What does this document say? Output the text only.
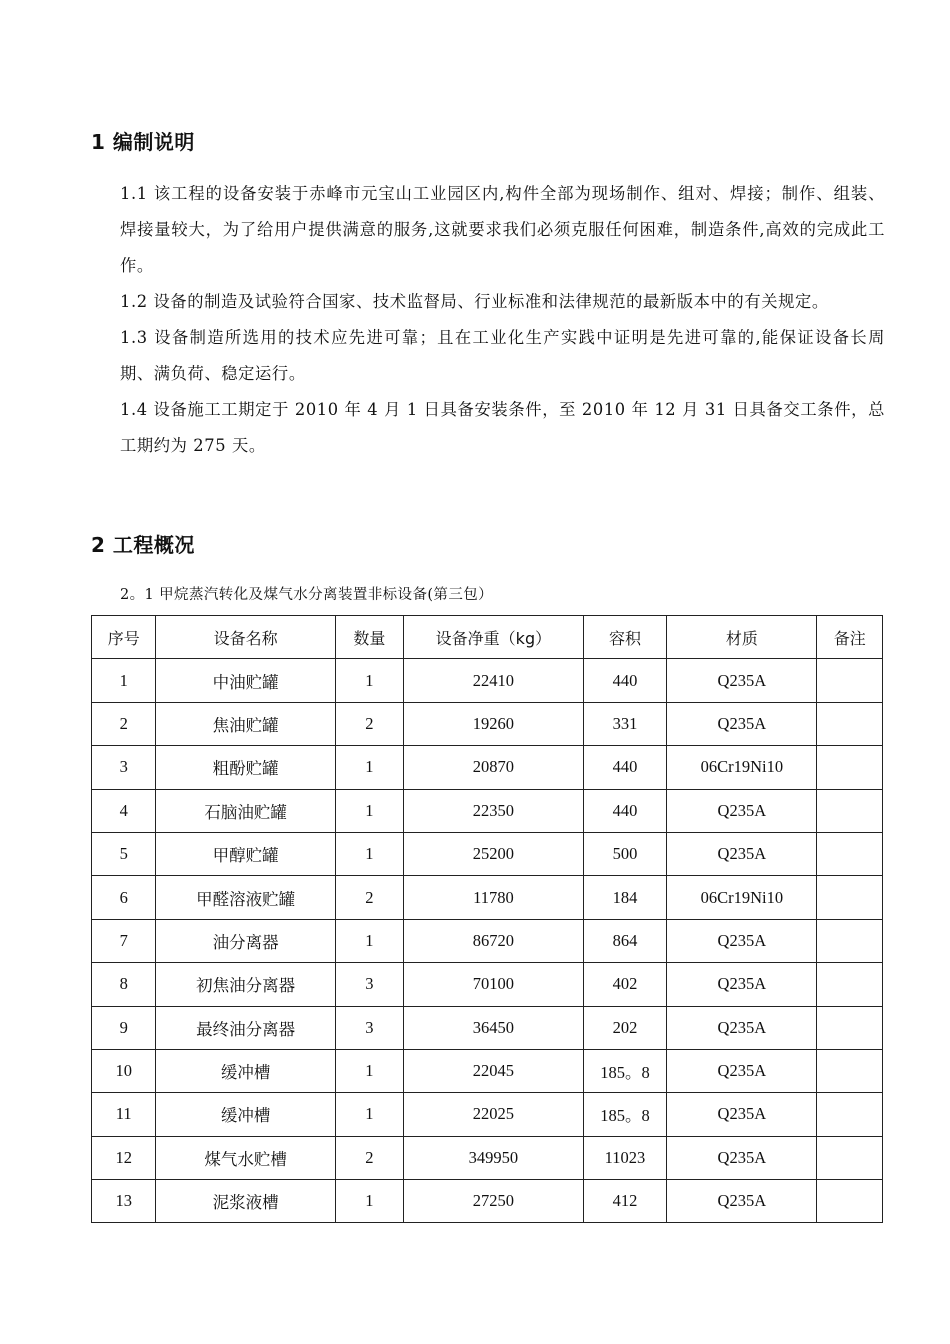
1 编制说明

1.1 该工程的设备安装于赤峰市元宝山工业园区内,构件全部为现场制作、组对、焊接；制作、组装、焊接量较大，为了给用户提供满意的服务,这就要求我们必须克服任何困难，制造条件,高效的完成此工作。

1.2 设备的制造及试验符合国家、技术监督局、行业标准和法律规范的最新版本中的有关规定。

1.3 设备制造所选用的技术应先进可靠；且在工业化生产实践中证明是先进可靠的,能保证设备长周期、满负荷、稳定运行。

1.4 设备施工工期定于 2010 年 4 月 1 日具备安装条件，至 2010 年 12 月 31 日具备交工条件，总工期约为 275 天。

2 工程概况
2。1 甲烷蒸汽转化及煤气水分离装置非标设备(第三包）
序号	设备名称	数量	设备净重（kg）	容积	材质	备注
1	中油贮罐	1	22410	440	Q235A	
2	焦油贮罐	2	19260	331	Q235A	
3	粗酚贮罐	1	20870	440	06Cr19Ni10	
4	石脑油贮罐	1	22350	440	Q235A	
5	甲醇贮罐	1	25200	500	Q235A	
6	甲醛溶液贮罐	2	11780	184	06Cr19Ni10	
7	油分离器	1	86720	864	Q235A	
8	初焦油分离器	3	70100	402	Q235A	
9	最终油分离器	3	36450	202	Q235A	
10	缓冲槽	1	22045	185。8	Q235A	
11	缓冲槽	1	22025	185。8	Q235A	
12	煤气水贮槽	2	349950	11023	Q235A	
13	泥浆液槽	1	27250	412	Q235A	
